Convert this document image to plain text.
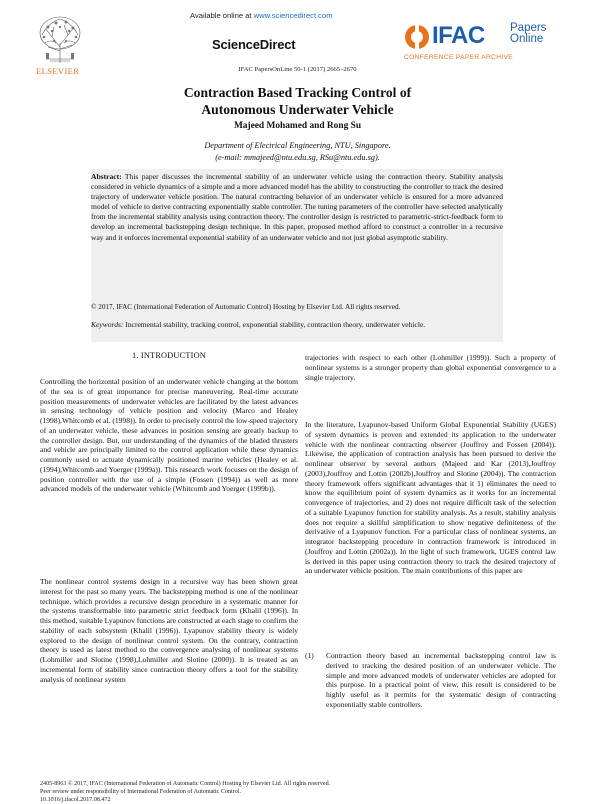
Available online at www.sciencedirect.com
ScienceDirect
IFAC PapersOnLine 50-1 (2017) 2665–2670
ELSEVIER
IFAC Papers
Online
CONFERENCE PAPER ARCHIVE
Contraction Based Tracking Control of
Autonomous Underwater Vehicle
Majeed Mohamed and Rong Su
Department of Electrical Engineering, NTU, Singapore.
(e-mail: mmajeed@ntu.edu.sg, RSu@ntu.edu.sg).
Abstract: This paper discusses the incremental stability of an underwater vehicle using the contraction theory. Stability analysis considered in vehicle dynamics of a simple and a more advanced model has the ability to constructing the controller to track the desired trajectory of underwater vehicle position. The natural contracting behavior of an underwater vehicle is ensured for a more advanced model of vehicle to derive contracting exponentially stable controller. The tuning parameters of the controller have selected analytically from the incremental stability analysis using contraction theory. The controller design is restricted to parametric-strict-feedback form to develop an incremental backstepping design technique. In this paper, proposed method afford to construct a controller in a recursive way and it enforces incremental exponential stability of an underwater vehicle and not just global asymptotic stability.
© 2017, IFAC (International Federation of Automatic Control) Hosting by Elsevier Ltd. All rights reserved.
Keywords: Incremental stability, tracking control, exponential stability, contraction theory, underwater vehicle.
1. INTRODUCTION
Controlling the horizontal position of an underwater vehicle changing at the bottom of the sea is of great importance for precise maneuvering. Real-time accurate position measurements of underwater vehicles are facilitated by the latest advances in sensing technology of vehicle position and velocity (Marco and Healey (1998),Whitcomb et al. (1998)). In order to precisely control the low-speed trajectory of an underwater vehicle, these advances in position sensing are greatly backup to the controller design. But, our understanding of the dynamics of the bladed thrusters and vehicle are principally limited to the control application while these dynamics commonly used to actuate dynamically positioned marine vehicles (Healey et al. (1994),Whitcomb and Yoerger (1999a)). This research work focuses on the design of position controller with the use of a simple (Fossen (1994)) as well as more advanced models of the underwater vehicle (Whitcomb and Yoerger (1999b)).
The nonlinear control systems design in a recursive way has been shown great interest for the past so many years. The backstepping method is one of the nonlinear technique, which provides a recursive design procedure in a systematic manner for the systems transformable into parametric strict feedback form (Khalil (1996)). In this method, suitable Lyapunov functions are constructed at each stage to confirm the stability of each subsystem (Khalil (1996)). Lyapunov stability theory is widely explored to the design of nonlinear control system. On the contrary, contraction theory is used as latest method to the convergence analysing of nonlinear systems (Lohmiller and Slotine (1998),Lohmiller and Slotine (2000)). It is treated as an incremental form of stability since contraction theory offers a tool for the stability analysis of nonlinear system
trajectories with respect to each other (Lohmiller (1999)). Such a property of nonlinear systems is a stronger property than global exponential convergence to a single trajectory.
In the literature, Lyapunov-based Uniform Global Exponential Stability (UGES) of system dynamics is proven and extended its application to the underwater vehicle with the nonlinear contracting observer (Jouffroy and Fossen (2004)). Likewise, the application of contraction analysis has been pursued to derive the nonlinear observer by several authors (Majeed and Kar (2013),Jouffroy (2003),Jouffroy and Lottin (2002b),Jouffroy and Slotine (2004)). The contraction theory framework offers significant advantages that it 1) eliminates the need to know the equilibrium point of system dynamics as it works for an incremental convergence of trajectories, and 2) does not require difficult task of the selection of a suitable Lyapunov function for stability analysis. As a result, stability analysis does not require a skillful simplification to show negative definiteness of the derivative of a Lyapunov function. For a particular class of nonlinear systems, an integrator backstepping procedure in contraction framework is introduced in (Jouffroy and Lottin (2002a)). In the light of such framework, UGES control law is derived in this paper using contraction theory to track the desired trajectory of an underwater vehicle position. The main contributions of this paper are
(1) Contraction theory based an incremental backstepping control law is derived to tracking the desired position of an underwater vehicle. The simple and more advanced models of underwater vehicles are adopted for this purpose. In a practical point of view, this result is considered to be highly useful as it permits for the systematic design of contracting exponentially stable controllers.
2405-8963 © 2017, IFAC (International Federation of Automatic Control) Hosting by Elsevier Ltd. All rights reserved.
Peer review under responsibility of International Federation of Automatic Control.
10.1016/j.ifacol.2017.08.472
